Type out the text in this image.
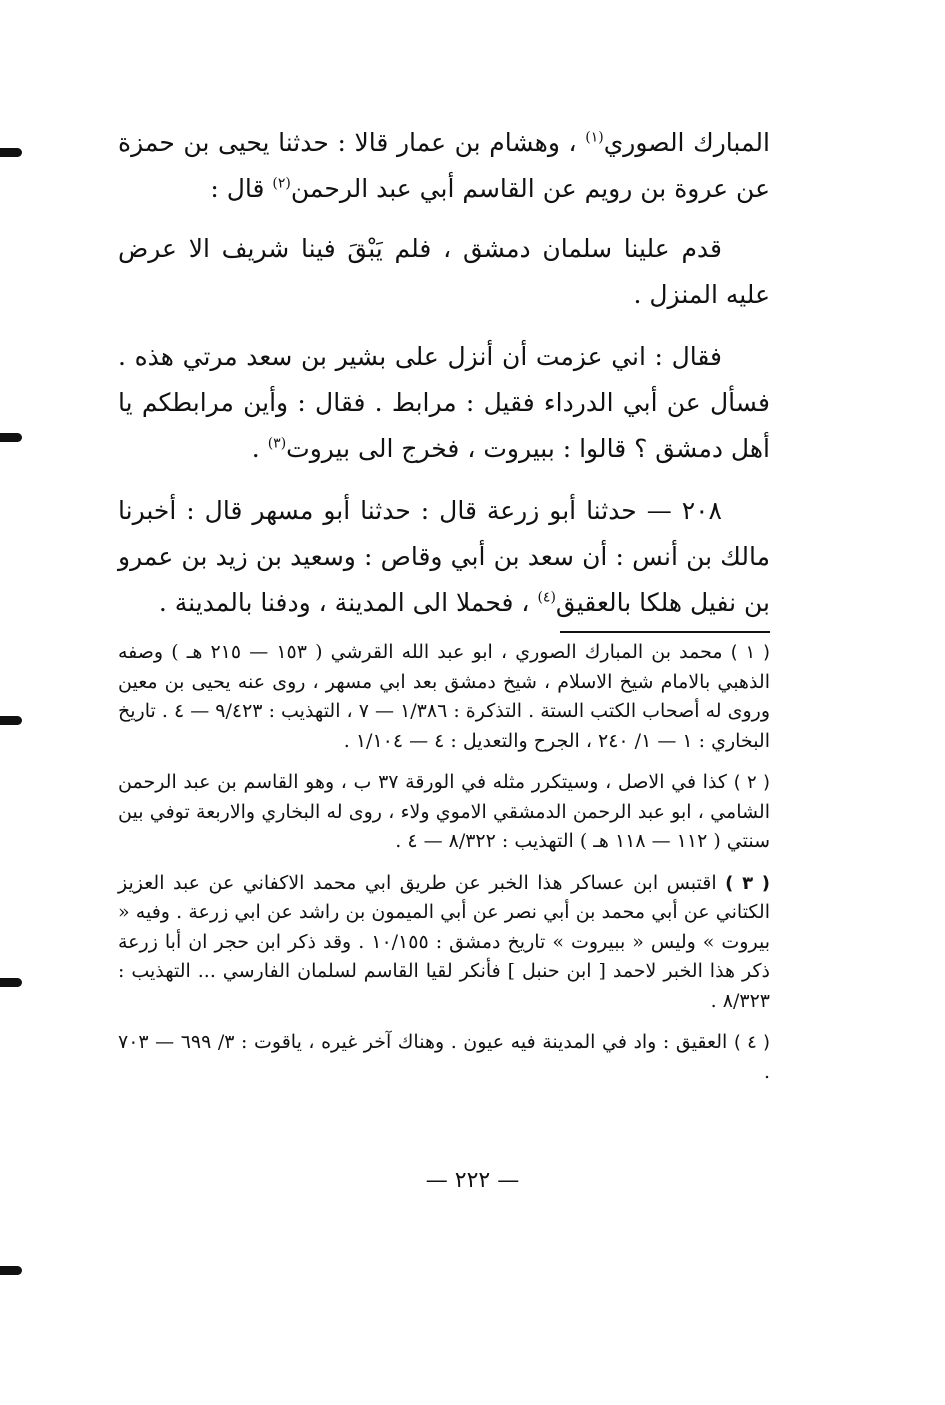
المبارك الصوري$^{(١)}$ ، وهشام بن عمار قالا : حدثنا يحيى بن حمزة عن عروة بن رويم عن القاسم أبي عبد الرحمن$^{(٢)}$ قال :

قدم علينا سلمان دمشق ، فلم يَبْقَ فينا شريف الا عرض عليه المنزل .

فقال : اني عزمت أن أنزل على بشير بن سعد مرتي هذه . فسأل عن أبي الدرداء فقيل : مرابط . فقال : وأين مرابطكم يا أهل دمشق ؟ قالوا : ببيروت ، فخرج الى بيروت$^{(٣)}$ .

٢٠٨ — حدثنا أبو زرعة قال : حدثنا أبو مسهر قال : أخبرنا مالك بن أنس : أن سعد بن أبي وقاص : وسعيد بن زيد بن عمرو بن نفيل هلكا بالعقيق$^{(٤)}$ ، فحملا الى المدينة ، ودفنا بالمدينة .

( ١ ) محمد بن المبارك الصوري ، ابو عبد الله القرشي ( ١٥٣ — ٢١٥ هـ ) وصفه الذهبي بالامام شيخ الاسلام ، شيخ دمشق بعد ابي مسهر ، روى عنه يحيى بن معين وروى له أصحاب الكتب الستة . التذكرة : ١/٣٨٦ — ٧ ، التهذيب : ٩/٤٢٣ — ٤ . تاريخ البخاري : ١ — ١/ ٢٤٠ ، الجرح والتعديل : ٤ — ١/١٠٤ .

( ٢ ) كذا في الاصل ، وسيتكرر مثله في الورقة ٣٧ ب ، وهو القاسم بن عبد الرحمن الشامي ، ابو عبد الرحمن الدمشقي الاموي ولاء ، روى له البخاري والاربعة توفي بين سنتي ( ١١٢ — ١١٨ هـ ) التهذيب : ٨/٣٢٢ — ٤ .

( ٣ ) اقتبس ابن عساكر هذا الخبر عن طريق ابي محمد الاكفاني عن عبد العزيز الكتاني عن أبي محمد بن أبي نصر عن أبي الميمون بن راشد عن ابي زرعة . وفيه « بيروت » وليس « ببيروت » تاريخ دمشق : ١٠/١٥٥ . وقد ذكر ابن حجر ان أبا زرعة ذكر هذا الخبر لاحمد [ ابن حنبل ] فأنكر لقيا القاسم لسلمان الفارسي ... التهذيب : ٨/٣٢٣ .

( ٤ ) العقيق : واد في المدينة فيه عيون . وهناك آخر غيره ، ياقوت : ٣/ ٦٩٩ — ٧٠٣ .

— ٢٢٢ —
